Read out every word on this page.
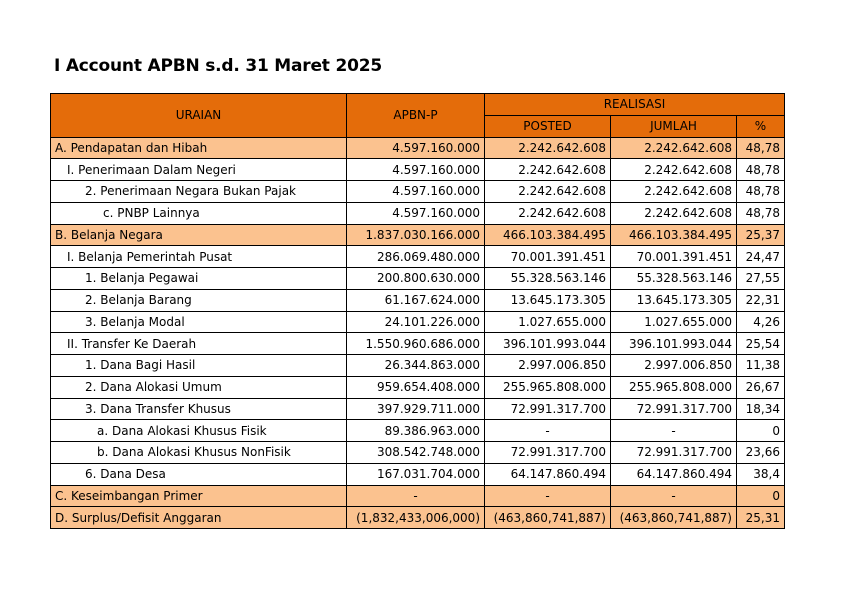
I Account APBN s.d. 31 Maret 2025
URAIAN	APBN-P	REALISASI		
		POSTED	JUMLAH	%
A. Pendapatan dan Hibah	4.597.160.000	2.242.642.608	2.242.642.608	48,78
I. Penerimaan Dalam Negeri	4.597.160.000	2.242.642.608	2.242.642.608	48,78
2. Penerimaan Negara Bukan Pajak	4.597.160.000	2.242.642.608	2.242.642.608	48,78
c. PNBP Lainnya	4.597.160.000	2.242.642.608	2.242.642.608	48,78
B. Belanja Negara	1.837.030.166.000	466.103.384.495	466.103.384.495	25,37
I. Belanja Pemerintah Pusat	286.069.480.000	70.001.391.451	70.001.391.451	24,47
1. Belanja Pegawai	200.800.630.000	55.328.563.146	55.328.563.146	27,55
2. Belanja Barang	61.167.624.000	13.645.173.305	13.645.173.305	22,31
3. Belanja Modal	24.101.226.000	1.027.655.000	1.027.655.000	4,26
II. Transfer Ke Daerah	1.550.960.686.000	396.101.993.044	396.101.993.044	25,54
1. Dana Bagi Hasil	26.344.863.000	2.997.006.850	2.997.006.850	11,38
2. Dana Alokasi Umum	959.654.408.000	255.965.808.000	255.965.808.000	26,67
3. Dana Transfer Khusus	397.929.711.000	72.991.317.700	72.991.317.700	18,34
a. Dana Alokasi Khusus Fisik	89.386.963.000	-	-	0
b. Dana Alokasi Khusus NonFisik	308.542.748.000	72.991.317.700	72.991.317.700	23,66
6. Dana Desa	167.031.704.000	64.147.860.494	64.147.860.494	38,4
C. Keseimbangan Primer	-	-	-	0
D. Surplus/Defisit Anggaran	(1,832,433,006,000)	(463,860,741,887)	(463,860,741,887)	25,31
